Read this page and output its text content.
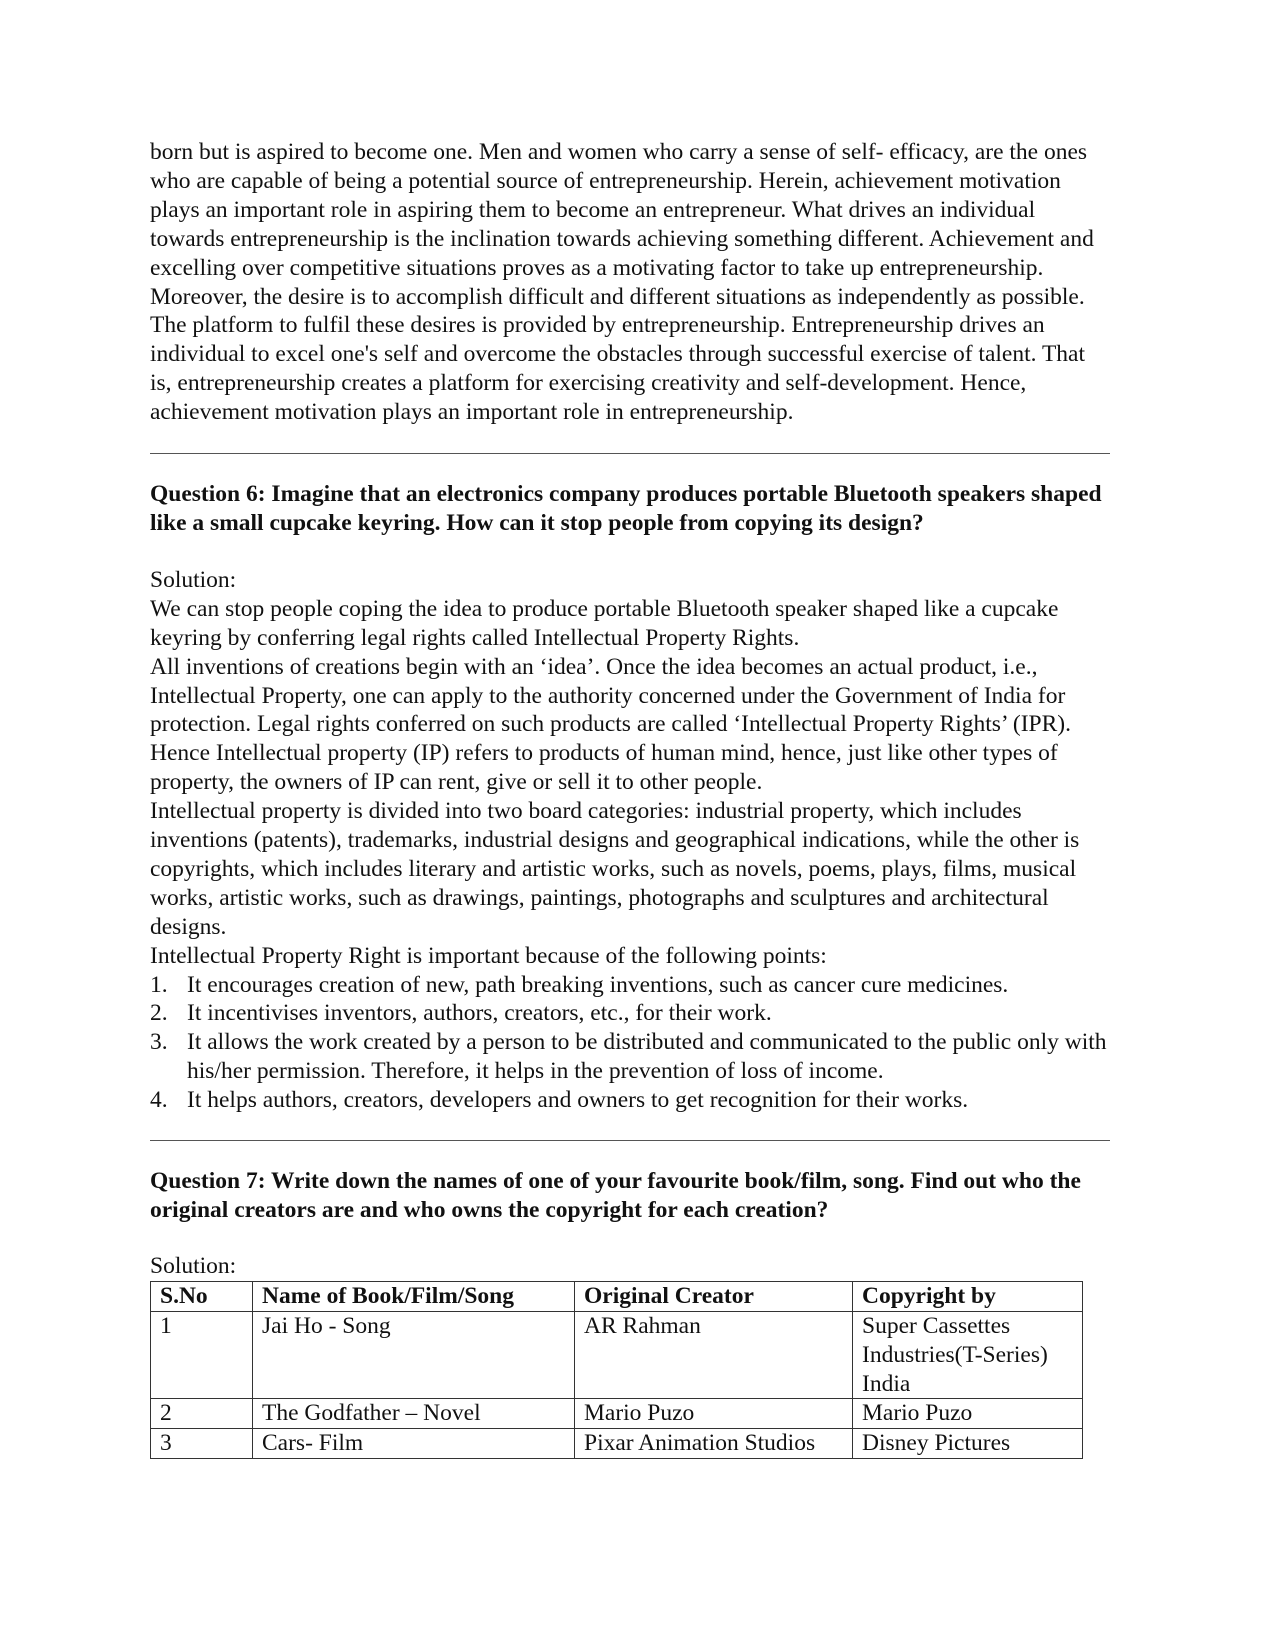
born but is aspired to become one. Men and women who carry a sense of self- efficacy, are the ones who are capable of being a potential source of entrepreneurship. Herein, achievement motivation plays an important role in aspiring them to become an entrepreneur. What drives an individual towards entrepreneurship is the inclination towards achieving something different. Achievement and excelling over competitive situations proves as a motivating factor to take up entrepreneurship. Moreover, the desire is to accomplish difficult and different situations as independently as possible.

The platform to fulfil these desires is provided by entrepreneurship. Entrepreneurship drives an individual to excel one's self and overcome the obstacles through successful exercise of talent. That is, entrepreneurship creates a platform for exercising creativity and self-development. Hence, achievement motivation plays an important role in entrepreneurship.

Question 6: Imagine that an electronics company produces portable Bluetooth speakers shaped like a small cupcake keyring. How can it stop people from copying its design?

Solution:

We can stop people coping the idea to produce portable Bluetooth speaker shaped like a cupcake keyring by conferring legal rights called Intellectual Property Rights.

All inventions of creations begin with an ‘idea’. Once the idea becomes an actual product, i.e., Intellectual Property, one can apply to the authority concerned under the Government of India for protection. Legal rights conferred on such products are called ‘Intellectual Property Rights’ (IPR). Hence Intellectual property (IP) refers to products of human mind, hence, just like other types of property, the owners of IP can rent, give or sell it to other people.

Intellectual property is divided into two board categories: industrial property, which includes inventions (patents), trademarks, industrial designs and geographical indications, while the other is copyrights, which includes literary and artistic works, such as novels, poems, plays, films, musical works, artistic works, such as drawings, paintings, photographs and sculptures and architectural designs.

Intellectual Property Right is important because of the following points:

1. It encourages creation of new, path breaking inventions, such as cancer cure medicines.
2. It incentivises inventors, authors, creators, etc., for their work.
3. It allows the work created by a person to be distributed and communicated to the public only with his/her permission. Therefore, it helps in the prevention of loss of income.
4. It helps authors, creators, developers and owners to get recognition for their works.

Question 7: Write down the names of one of your favourite book/film, song. Find out who the original creators are and who owns the copyright for each creation?

Solution:

S.No	Name of Book/Film/Song	Original Creator	Copyright by
1	Jai Ho - Song	AR Rahman	Super Cassettes Industries(T-Series) India
2	The Godfather – Novel	Mario Puzo	Mario Puzo
3	Cars- Film	Pixar Animation Studios	Disney Pictures
